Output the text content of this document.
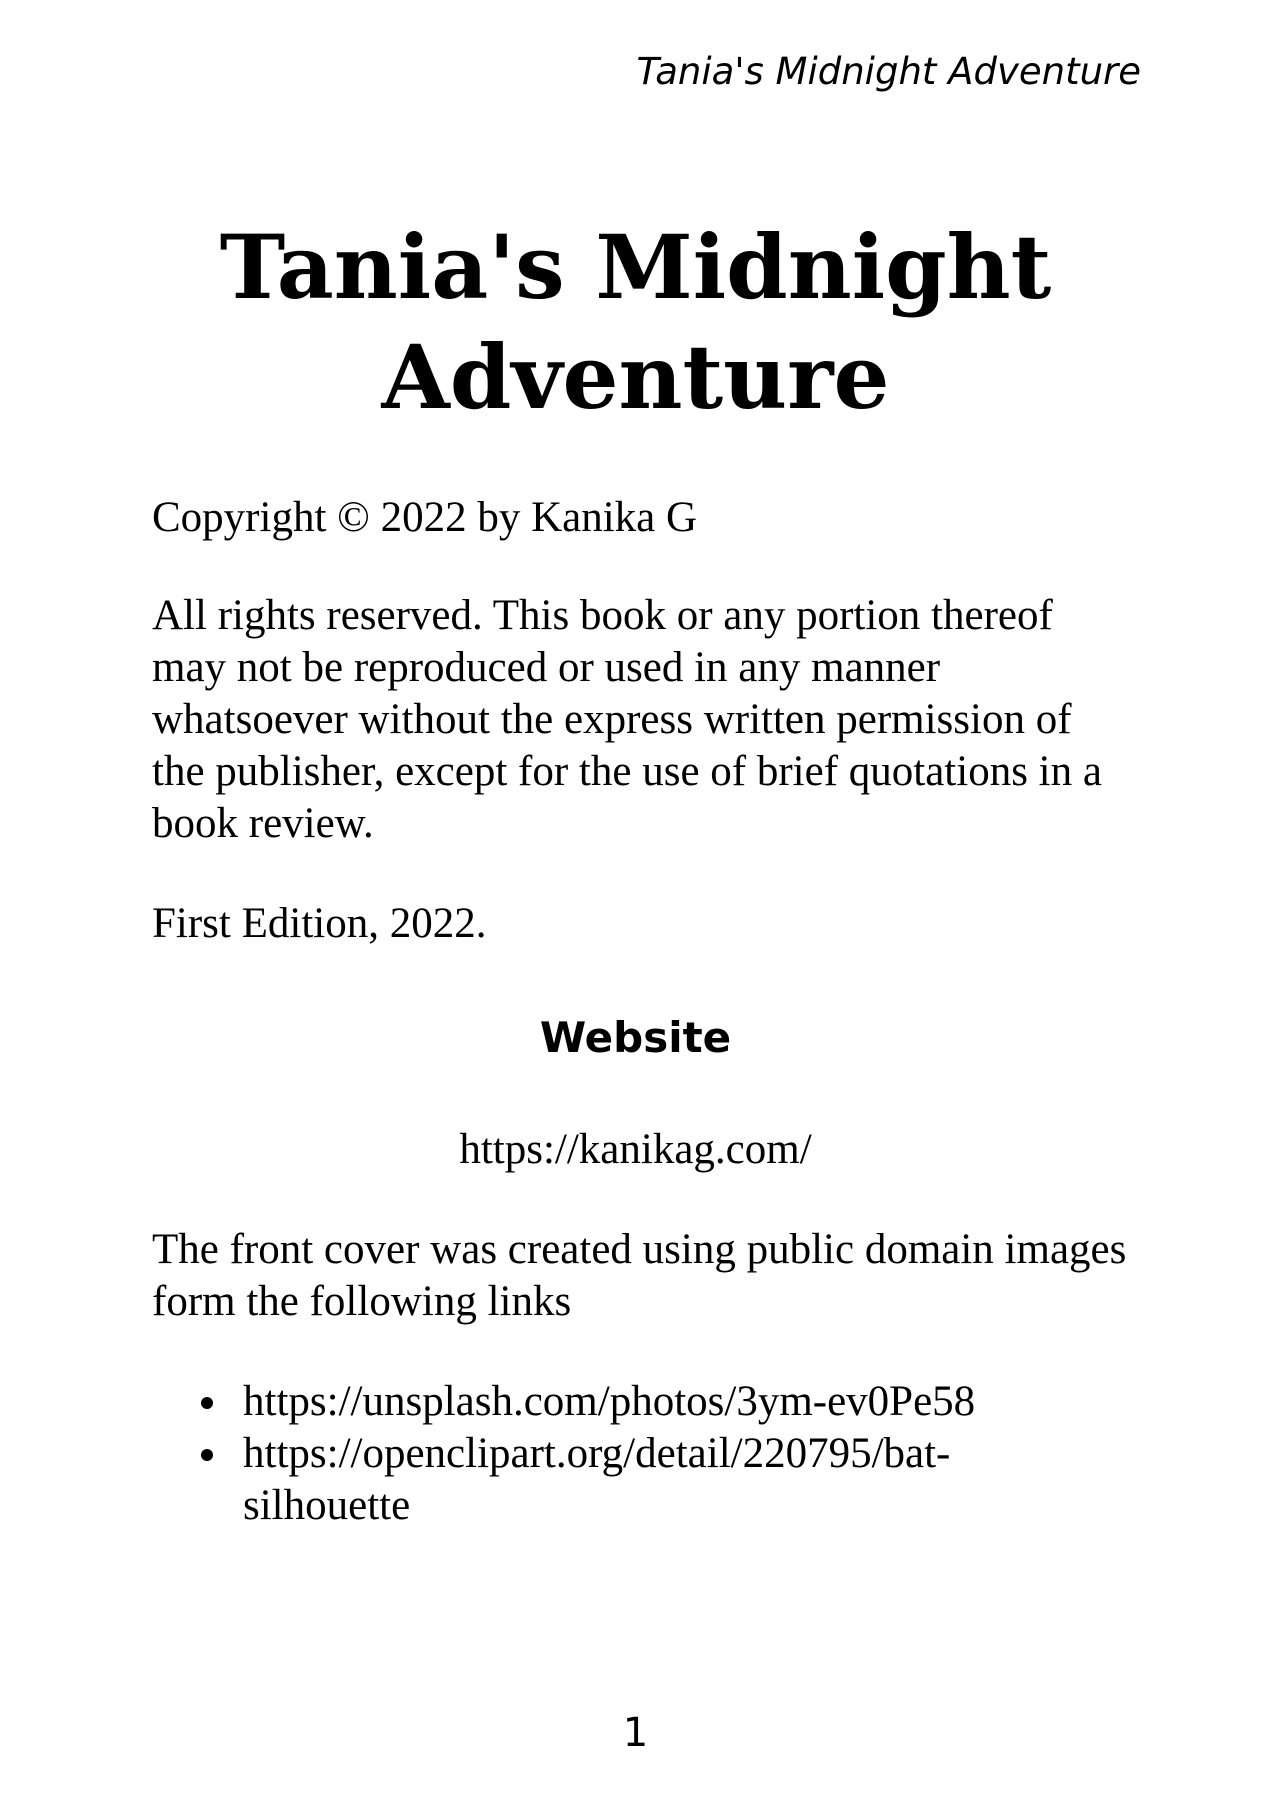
Tania's Midnight Adventure
Tania's Midnight
Adventure

Copyright © 2022 by Kanika G

All rights reserved. This book or any portion thereof may not be reproduced or used in any manner whatsoever without the express written permission of the publisher, except for the use of brief quotations in a book review.

First Edition, 2022.

Website

https://kanikag.com/

The front cover was created using public domain images form the following links

https://unsplash.com/photos/3ym-ev0Pe58
https://openclipart.org/detail/220795/bat-silhouette
1
